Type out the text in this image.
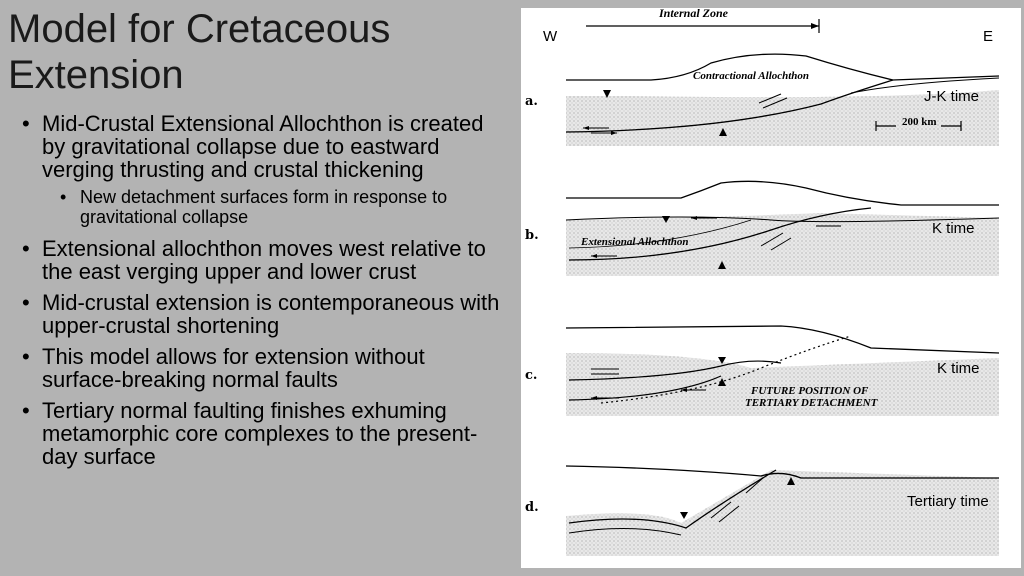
Model for Cretaceous Extension
• Mid-Crustal Extensional Allochthon is created by gravitational collapse due to eastward verging thrusting and crustal thickening
• New detachment surfaces form in response to gravitational collapse
• Extensional allochthon moves west relative to the east verging upper and lower crust
• Mid-crustal extension is contemporaneous with upper-crustal shortening
• This model allows for extension without surface-breaking normal faults
• Tertiary normal faulting finishes exhuming metamorphic core complexes to the present-day surface
Internal Zone
W	E
a.
Contractional Allochthon
J-K time
200 km
b.	Extensional Allochthon
K time
c.
FUTURE POSITION OF
TERTIARY DETACHMENT
K time
d.	Tertiary time
